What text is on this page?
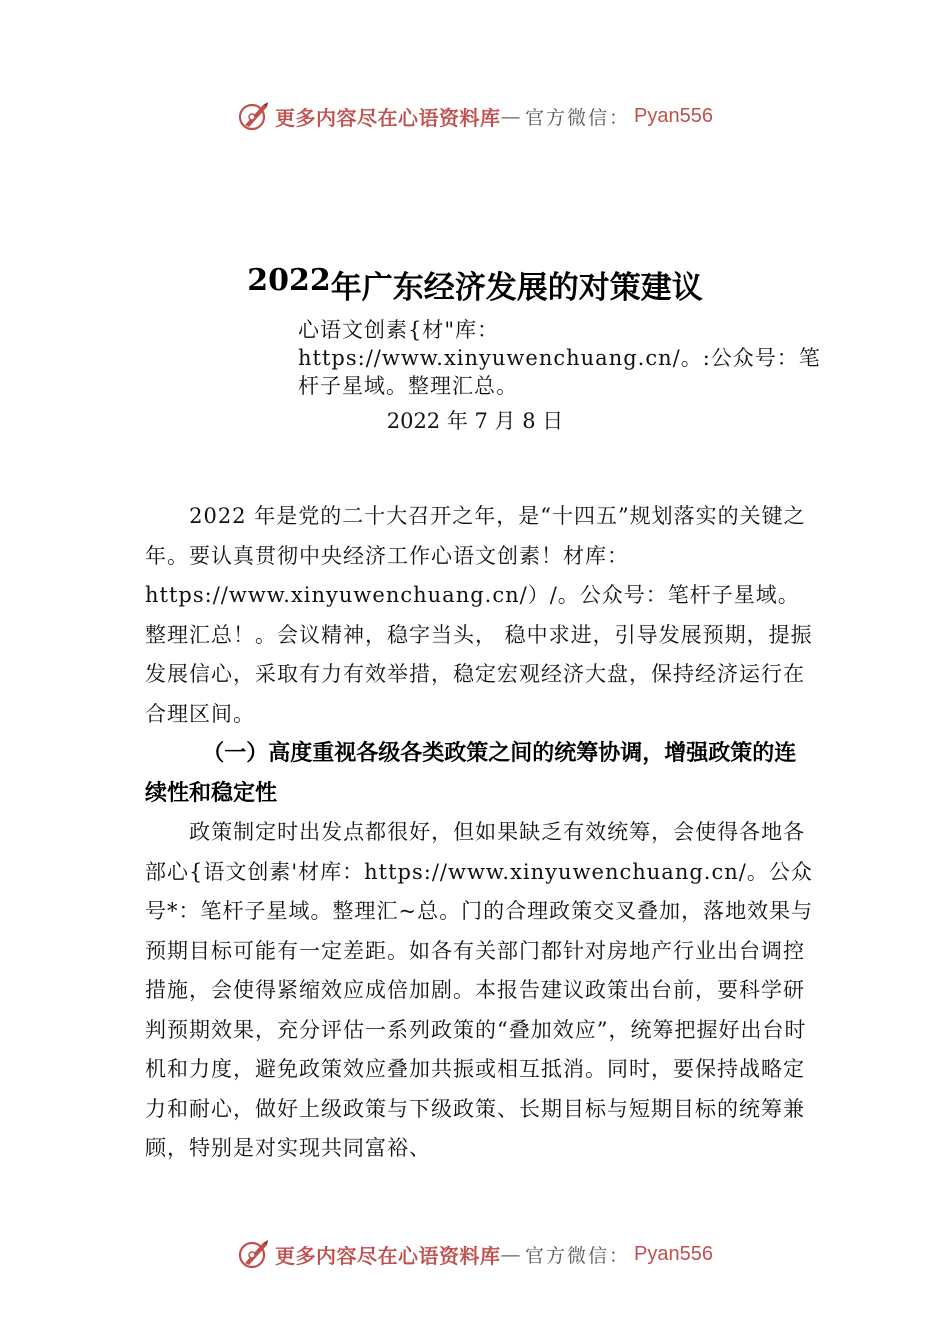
更多内容尽在心语资料库 — 官方微信： Pyan556
2022年广东经济发展的对策建议
心语文创素{材"库：https://www.xinyuwenchuang.cn/。:公众号：笔杆子星域。整理汇总。
2022 年 7 月 8 日

2022 年是党的二十大召开之年，是“十四五”规划落实的关键之年。要认真贯彻中央经济工作心语文创素！材库：https://www.xinyuwenchuang.cn/）/。公众号：笔杆子星域。整理汇总！。会议精神，稳字当头， 稳中求进，引导发展预期，提振发展信心，采取有力有效举措，稳定宏观经济大盘，保持经济运行在合理区间。

（一）高度重视各级各类政策之间的统筹协调，增强政策的连续性和稳定性

政策制定时出发点都很好，但如果缺乏有效统筹，会使得各地各部心{语文创素'材库：https://www.xinyuwenchuang.cn/。公众号*：笔杆子星域。整理汇~总。门的合理政策交叉叠加，落地效果与预期目标可能有一定差距。如各有关部门都针对房地产行业出台调控措施，会使得紧缩效应成倍加剧。本报告建议政策出台前，要科学研判预期效果，充分评估一系列政策的“叠加效应”，统筹把握好出台时机和力度，避免政策效应叠加共振或相互抵消。同时，要保持战略定力和耐心，做好上级政策与下级政策、长期目标与短期目标的统筹兼顾，特别是对实现共同富裕、

更多内容尽在心语资料库 — 官方微信： Pyan556
